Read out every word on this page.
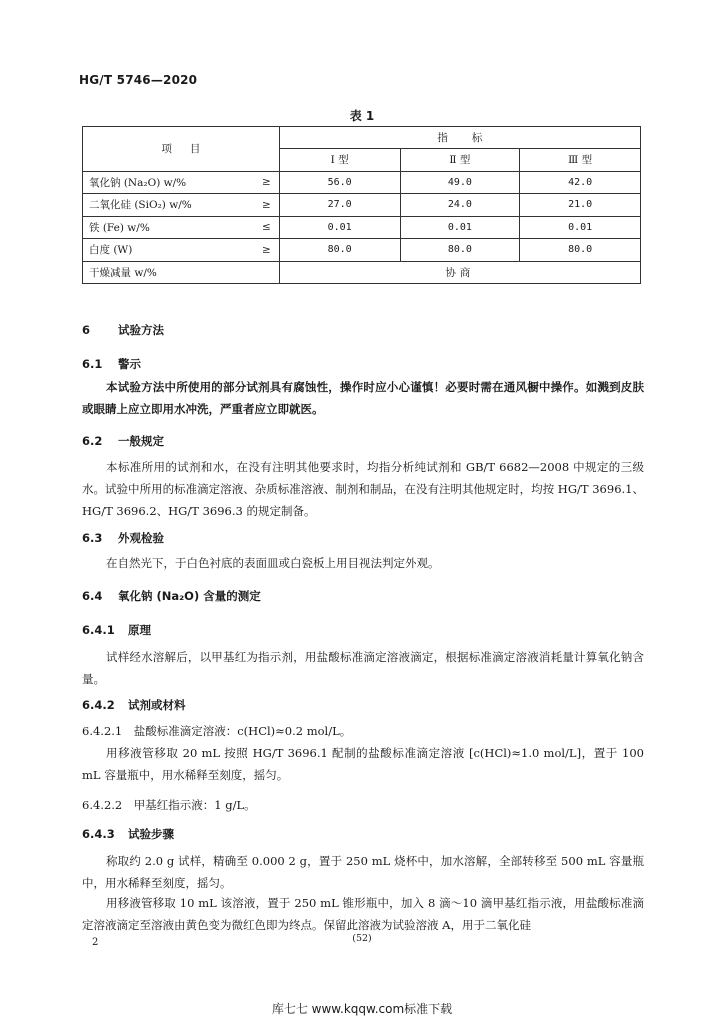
HG/T 5746—2020
表 1
项目		指标		
		Ⅰ 型	Ⅱ 型	Ⅲ 型
氧化钠 (Na₂O) w/%	≥	56.0	49.0	42.0
二氧化硅 (SiO₂) w/%	≥	27.0	24.0	21.0
铁 (Fe) w/%	≤	0.01	0.01	0.01
白度 (W)	≥	80.0	80.0	80.0
干燥减量 w/%		协商		
6 试验方法
6.1 警示
本试验方法中所使用的部分试剂具有腐蚀性，操作时应小心谨慎！必要时需在通风橱中操作。如溅到皮肤或眼睛上应立即用水冲洗，严重者应立即就医。
6.2 一般规定
本标准所用的试剂和水，在没有注明其他要求时，均指分析纯试剂和 GB/T 6682—2008 中规定的三级水。试验中所用的标准滴定溶液、杂质标准溶液、制剂和制品，在没有注明其他规定时，均按 HG/T 3696.1、HG/T 3696.2、HG/T 3696.3 的规定制备。
6.3 外观检验
在自然光下，于白色衬底的表面皿或白瓷板上用目视法判定外观。
6.4 氧化钠 (Na₂O) 含量的测定
6.4.1 原理
试样经水溶解后，以甲基红为指示剂，用盐酸标准滴定溶液滴定，根据标准滴定溶液消耗量计算氧化钠含量。
6.4.2 试剂或材料
6.4.2.1　盐酸标准滴定溶液：c(HCl)≈0.2 mol/L。
用移液管移取 20 mL 按照 HG/T 3696.1 配制的盐酸标准滴定溶液 [c(HCl)≈1.0 mol/L]，置于 100 mL 容量瓶中，用水稀释至刻度，摇匀。
6.4.2.2　甲基红指示液：1 g/L。
6.4.3 试验步骤
称取约 2.0 g 试样，精确至 0.000 2 g，置于 250 mL 烧杯中，加水溶解，全部转移至 500 mL 容量瓶中，用水稀释至刻度，摇匀。
用移液管移取 10 mL 该溶液，置于 250 mL 锥形瓶中，加入 8 滴～10 滴甲基红指示液，用盐酸标准滴定溶液滴定至溶液由黄色变为微红色即为终点。保留此溶液为试验溶液 A，用于二氧化硅
2	(52)
库七七 www.kqqw.com标准下载
